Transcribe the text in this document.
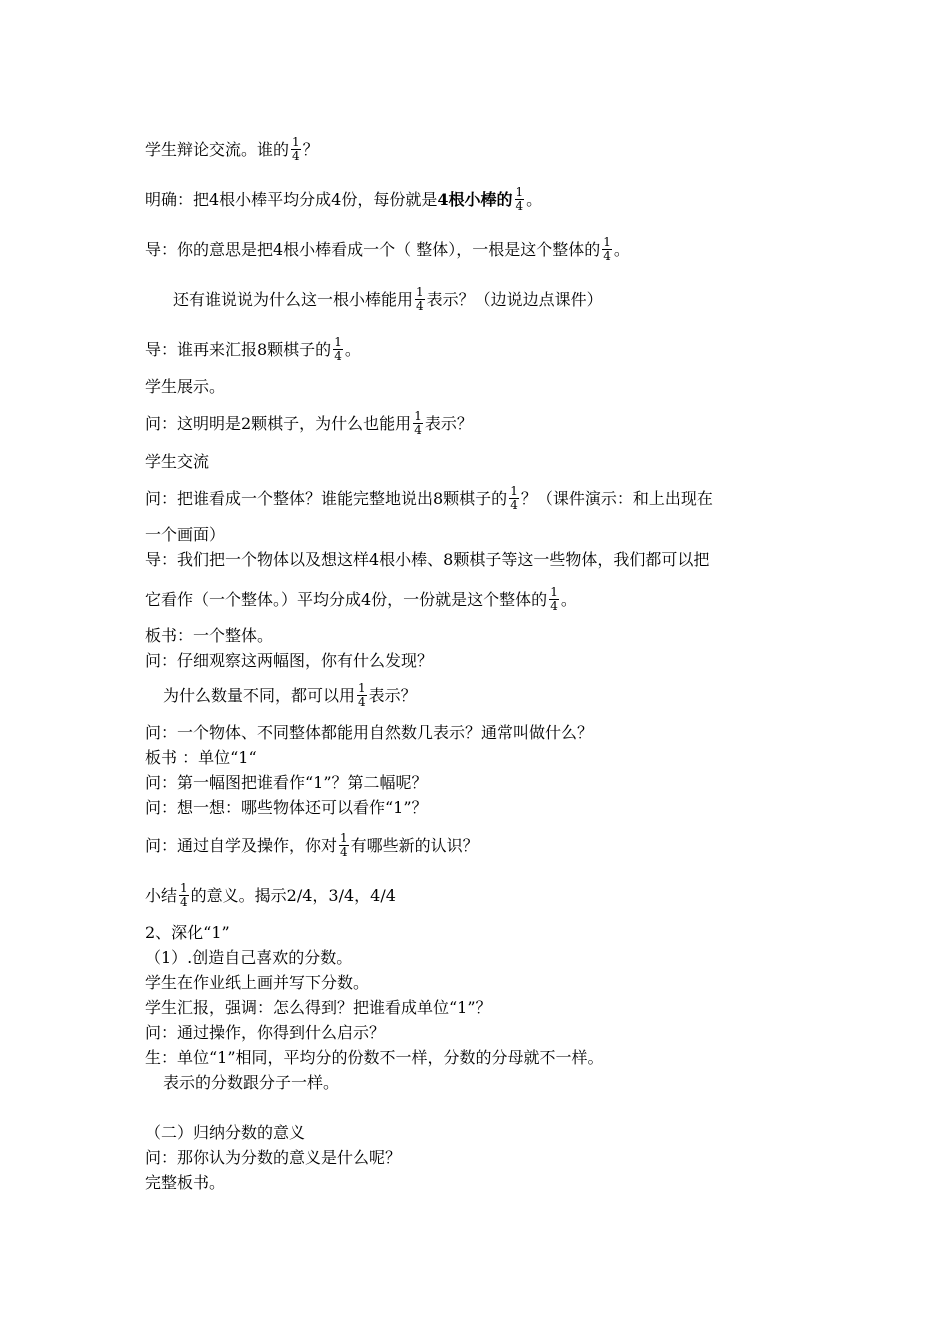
学生辩论交流。谁的 $\frac{1}{4}$ ？
明确：把4根小棒平均分成4份，每份就是4根小棒的 $\frac{1}{4}$ 。
导：你的意思是把4根小棒看成一个（ 整体），一根是这个整体的 $\frac{1}{4}$ 。
还有谁说说为什么这一根小棒能用 $\frac{1}{4}$ 表示？（边说边点课件）
导：谁再来汇报8颗棋子的 $\frac{1}{4}$ 。
学生展示。
问：这明明是2颗棋子，为什么也能用 $\frac{1}{4}$ 表示？
学生交流
问：把谁看成一个整体？谁能完整地说出8颗棋子的 $\frac{1}{4}$ ？（课件演示：和上出现在
一个画面）
导：我们把一个物体以及想这样4根小棒、8颗棋子等这一些物体，我们都可以把
它看作（一个整体。）平均分成4份，一份就是这个整体的 $\frac{1}{4}$ 。
板书：一个整体。
问：仔细观察这两幅图，你有什么发现？
为什么数量不同，都可以用 $\frac{1}{4}$ 表示？
问：一个物体、不同整体都能用自然数几表示？通常叫做什么？
板书 ：单位“1“
问：第一幅图把谁看作“1”？第二幅呢？
问：想一想：哪些物体还可以看作“1”？
问：通过自学及操作，你对 $\frac{1}{4}$ 有哪些新的认识？
小结 $\frac{1}{4}$ 的意义。揭示2/4，3/4，4/4
2、深化“1”
（1）.创造自己喜欢的分数。
学生在作业纸上画并写下分数。
学生汇报，强调：怎么得到？把谁看成单位“1”？
问：通过操作，你得到什么启示？
生：单位“1”相同，平均分的份数不一样，分数的分母就不一样。
表示的分数跟分子一样。
（二）归纳分数的意义
问：那你认为分数的意义是什么呢？
完整板书。
